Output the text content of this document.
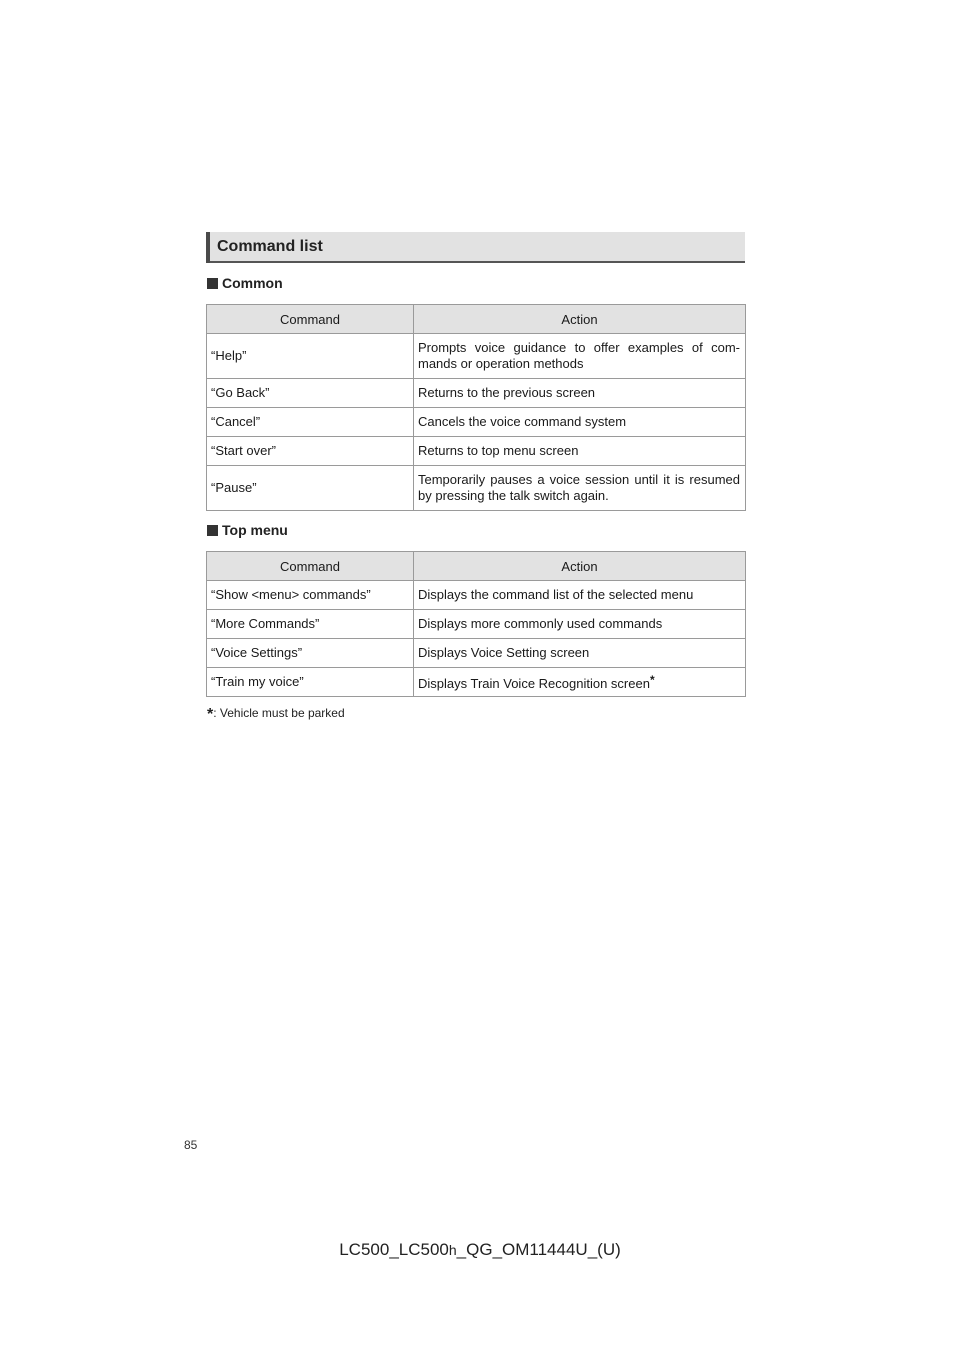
Command list
Common
Command	Action
“Help”	Prompts voice guidance to offer examples of com-mands or operation methods
“Go Back”	Returns to the previous screen
“Cancel”	Cancels the voice command system
“Start over”	Returns to top menu screen
“Pause”	Temporarily pauses a voice session until it is resumed by pressing the talk switch again.
Top menu
Command	Action
“Show <menu> commands”	Displays the command list of the selected menu
“More Commands”	Displays more commonly used commands
“Voice Settings”	Displays Voice Setting screen
“Train my voice”	Displays Train Voice Recognition screen*
*: Vehicle must be parked
85
LC500_LC500h_QG_OM11444U_(U)
